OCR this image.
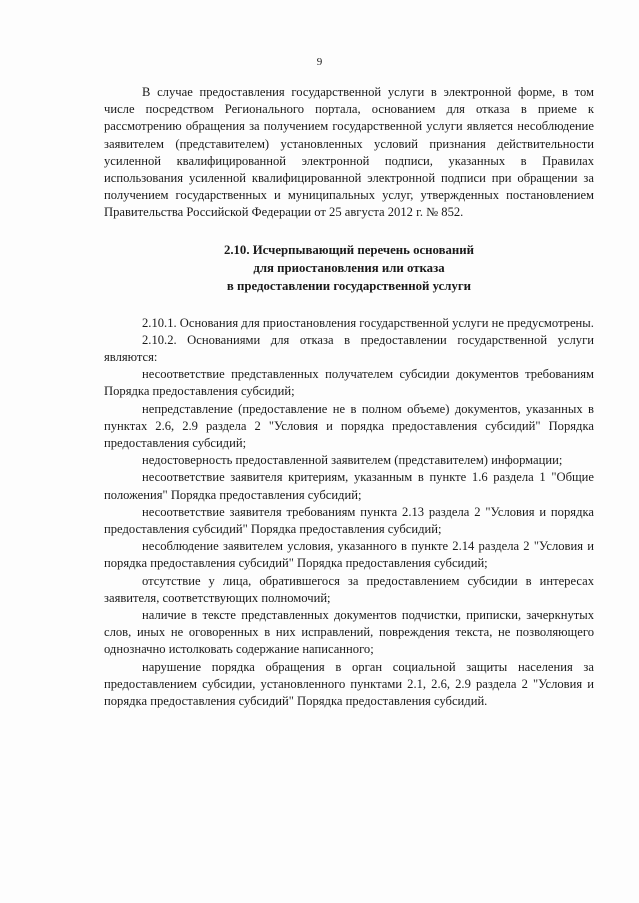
9

В случае предоставления государственной услуги в электронной форме, в том числе посредством Регионального портала, основанием для отказа в приеме к рассмотрению обращения за получением государственной услуги является несоблюдение заявителем (представителем) установленных условий признания действительности усиленной квалифицированной электронной подписи, указанных в Правилах использования усиленной квалифицированной электронной подписи при обращении за получением государственных и муниципальных услуг, утвержденных постановлением Правительства Российской Федерации от 25 августа 2012 г. № 852.

2.10. Исчерпывающий перечень оснований
для приостановления или отказа
в предоставлении государственной услуги

2.10.1. Основания для приостановления государственной услуги не предусмотрены.

2.10.2. Основаниями для отказа в предоставлении государственной услуги являются:

несоответствие представленных получателем субсидии документов требованиям Порядка предоставления субсидий;

непредставление (предоставление не в полном объеме) документов, указанных в пунктах 2.6, 2.9 раздела 2 "Условия и порядка предоставления субсидий" Порядка предоставления субсидий;

недостоверность предоставленной заявителем (представителем) информации;

несоответствие заявителя критериям, указанным в пункте 1.6 раздела 1 "Общие положения" Порядка предоставления субсидий;

несоответствие заявителя требованиям пункта 2.13 раздела 2 "Условия и порядка предоставления субсидий" Порядка предоставления субсидий;

несоблюдение заявителем условия, указанного в пункте 2.14 раздела 2 "Условия и порядка предоставления субсидий" Порядка предоставления субсидий;

отсутствие у лица, обратившегося за предоставлением субсидии в интересах заявителя, соответствующих полномочий;

наличие в тексте представленных документов подчистки, приписки, зачеркнутых слов, иных не оговоренных в них исправлений, повреждения текста, не позволяющего однозначно истолковать содержание написанного;

нарушение порядка обращения в орган социальной защиты населения за предоставлением субсидии, установленного пунктами 2.1, 2.6, 2.9 раздела 2 "Условия и порядка предоставления субсидий" Порядка предоставления субсидий.
